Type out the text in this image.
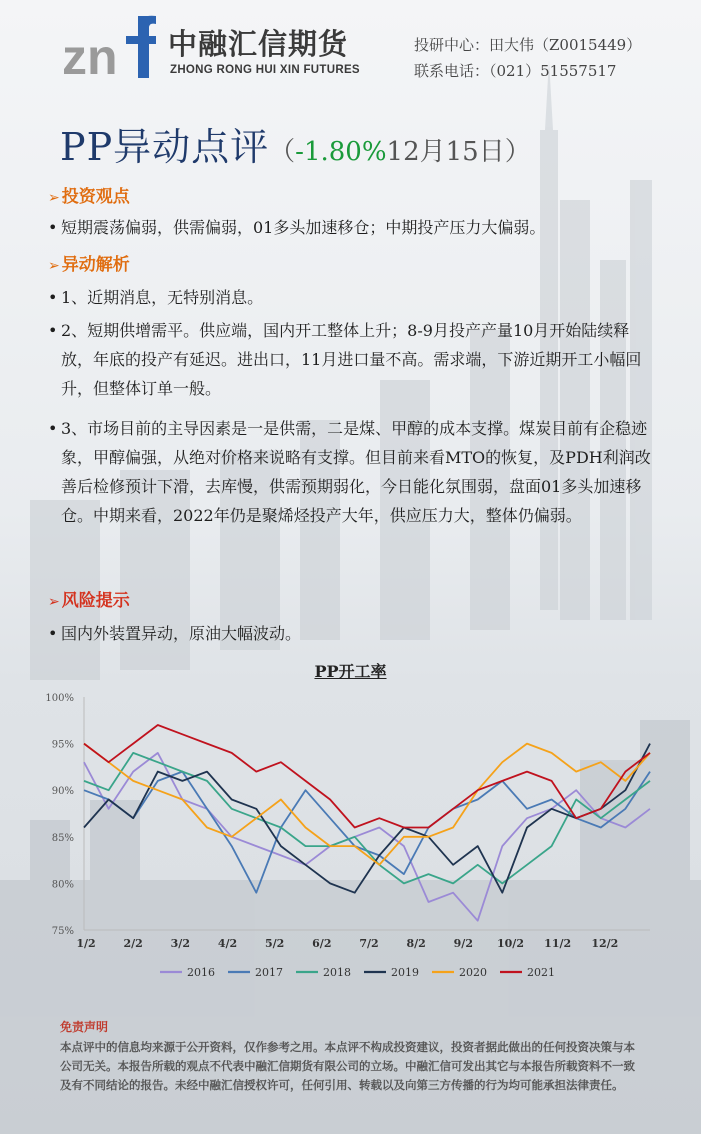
zn 中融汇信期货
ZHONG RONG HUI XIN FUTURES
投研中心：田大伟（Z0015449）
联系电话：（021）51557517
PP异动点评（-1.80%12月15日）
➢ 投资观点
• 短期震荡偏弱，供需偏弱，01多头加速移仓；中期投产压力大偏弱。
➢ 异动解析
• 1、近期消息，无特别消息。
• 2、短期供增需平。供应端，国内开工整体上升；8-9月投产产量10月开始陆续释放，年底的投产有延迟。进出口，11月进口量不高。需求端，下游近期开工小幅回升，但整体订单一般。
• 3、市场目前的主导因素是一是供需，二是煤、甲醇的成本支撑。煤炭目前有企稳迹象，甲醇偏强，从绝对价格来说略有支撑。但目前来看MTO的恢复，及PDH利润改善后检修预计下滑，去库慢，供需预期弱化，今日能化氛围弱，盘面01多头加速移仓。中期来看，2022年仍是聚烯烃投产大年，供应压力大，整体仍偏弱。
➢ 风险提示
• 国内外装置异动，原油大幅波动。
PP开工率
100%
95%
90%
85%
80%
75%
1/2	2/2	3/2	4/2	5/2	6/2	7/2	8/2	9/2 10/2 11/2 12/2
2016	2017	2018	2019	2020	2021
免责声明
本点评中的信息均来源于公开资料，仅作参考之用。本点评不构成投资建议，投资者据此做出的任何投资决策与本公司无关。本报告所载的观点不代表中融汇信期货有限公司的立场。中融汇信可发出其它与本报告所载资料不一致及有不同结论的报告。未经中融汇信授权许可，任何引用、转载以及向第三方传播的行为均可能承担法律责任。
